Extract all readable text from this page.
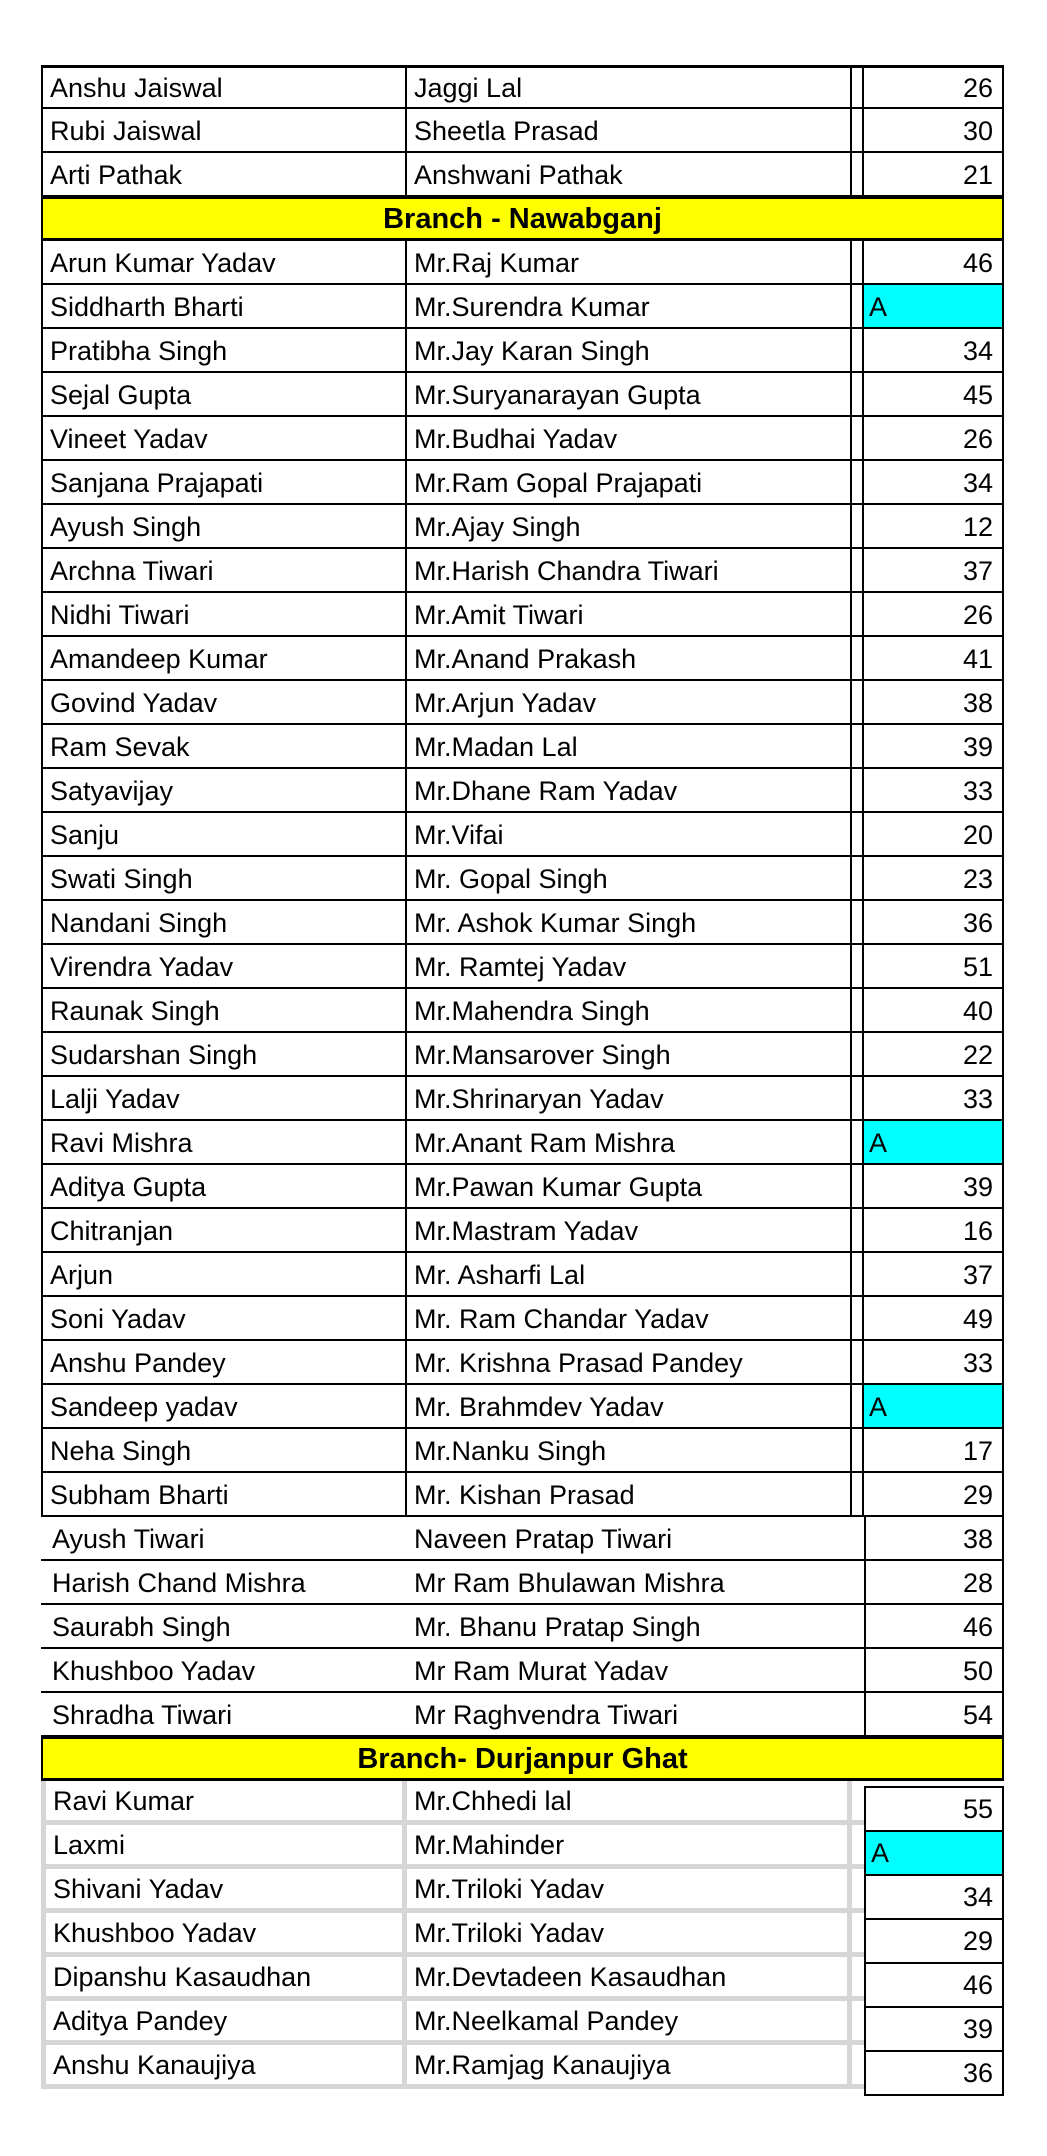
Anshu Jaiswal	Jaggi Lal		26
Rubi Jaiswal	Sheetla Prasad		30
Arti Pathak	Anshwani Pathak		21
Branch - Nawabganj			
Arun Kumar Yadav	Mr.Raj Kumar		46
Siddharth Bharti	Mr.Surendra Kumar		A
Pratibha Singh	Mr.Jay Karan Singh		34
Sejal Gupta	Mr.Suryanarayan Gupta		45
Vineet Yadav	Mr.Budhai Yadav		26
Sanjana Prajapati	Mr.Ram Gopal Prajapati		34
Ayush Singh	Mr.Ajay Singh		12
Archna Tiwari	Mr.Harish Chandra Tiwari		37
Nidhi Tiwari	Mr.Amit Tiwari		26
Amandeep Kumar	Mr.Anand Prakash		41
Govind Yadav	Mr.Arjun Yadav		38
Ram Sevak	Mr.Madan Lal		39
Satyavijay	Mr.Dhane Ram Yadav		33
Sanju	Mr.Vifai		20
Swati Singh	Mr. Gopal Singh		23
Nandani Singh	Mr. Ashok Kumar Singh		36
Virendra Yadav	Mr. Ramtej Yadav		51
Raunak Singh	Mr.Mahendra Singh		40
Sudarshan Singh	Mr.Mansarover Singh		22
Lalji Yadav	Mr.Shrinaryan Yadav		33
Ravi Mishra	Mr.Anant Ram Mishra		A
Aditya Gupta	Mr.Pawan Kumar Gupta		39
Chitranjan	Mr.Mastram Yadav		16
Arjun	Mr. Asharfi Lal		37
Soni Yadav	Mr. Ram Chandar Yadav		49
Anshu Pandey	Mr. Krishna Prasad Pandey		33
Sandeep yadav	Mr. Brahmdev Yadav		A
Neha Singh	Mr.Nanku Singh		17
Subham Bharti	Mr. Kishan Prasad		29
Ayush Tiwari	Naveen Pratap Tiwari		38
Harish Chand Mishra	Mr Ram Bhulawan Mishra		28
Saurabh Singh	Mr. Bhanu Pratap Singh		46
Khushboo Yadav	Mr Ram Murat Yadav		50
Shradha Tiwari	Mr Raghvendra Tiwari		54
Branch- Durjanpur Ghat			
Ravi Kumar	Mr.Chhedi lal		55

Laxmi	Mr.Mahinder		A

Shivani Yadav	Mr.Triloki Yadav		34

Khushboo Yadav	Mr.Triloki Yadav		29

Dipanshu Kasaudhan	Mr.Devtadeen Kasaudhan		46

Aditya Pandey	Mr.Neelkamal Pandey		39

Anshu Kanaujiya	Mr.Ramjag Kanaujiya		36
